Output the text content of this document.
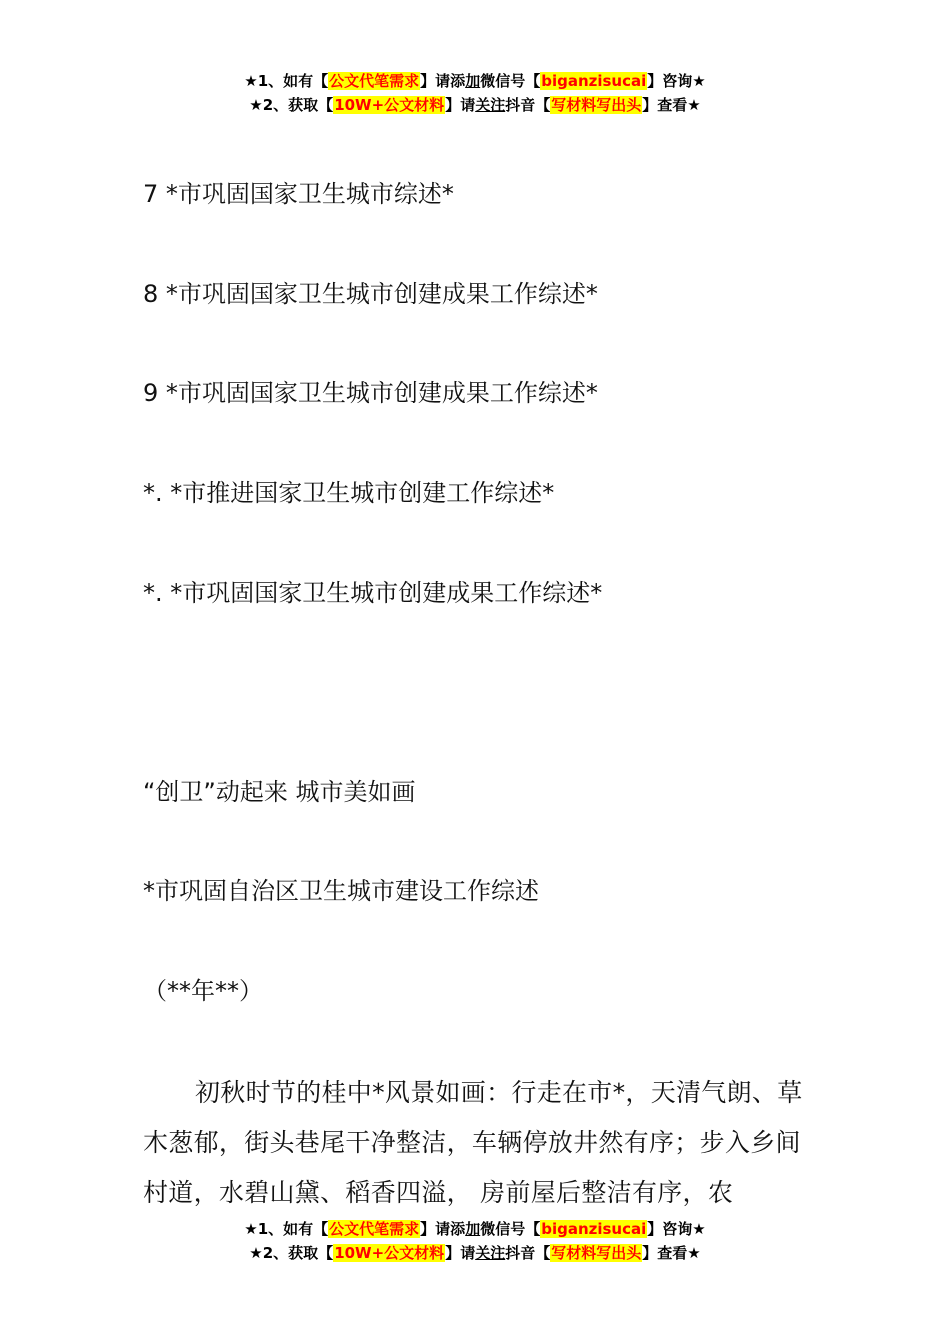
★1、如有【公文代笔需求】请添加微信号【biganzisucai】咨询★
★2、获取【10W+公文材料】请关注抖音【写材料写出头】查看★
7 *市巩固国家卫生城市综述*
8 *市巩固国家卫生城市创建成果工作综述*
9 *市巩固国家卫生城市创建成果工作综述*
*. *市推进国家卫生城市创建工作综述*
*. *市巩固国家卫生城市创建成果工作综述*
“创卫”动起来 城市美如画
*市巩固自治区卫生城市建设工作综述
（**年**）
初秋时节的桂中*风景如画：行走在市*，天清气朗、草木葱郁，街头巷尾干净整洁，车辆停放井然有序；步入乡间村道，水碧山黛、稻香四溢， 房前屋后整洁有序，农
★1、如有【公文代笔需求】请添加微信号【biganzisucai】咨询★
★2、获取【10W+公文材料】请关注抖音【写材料写出头】查看★
